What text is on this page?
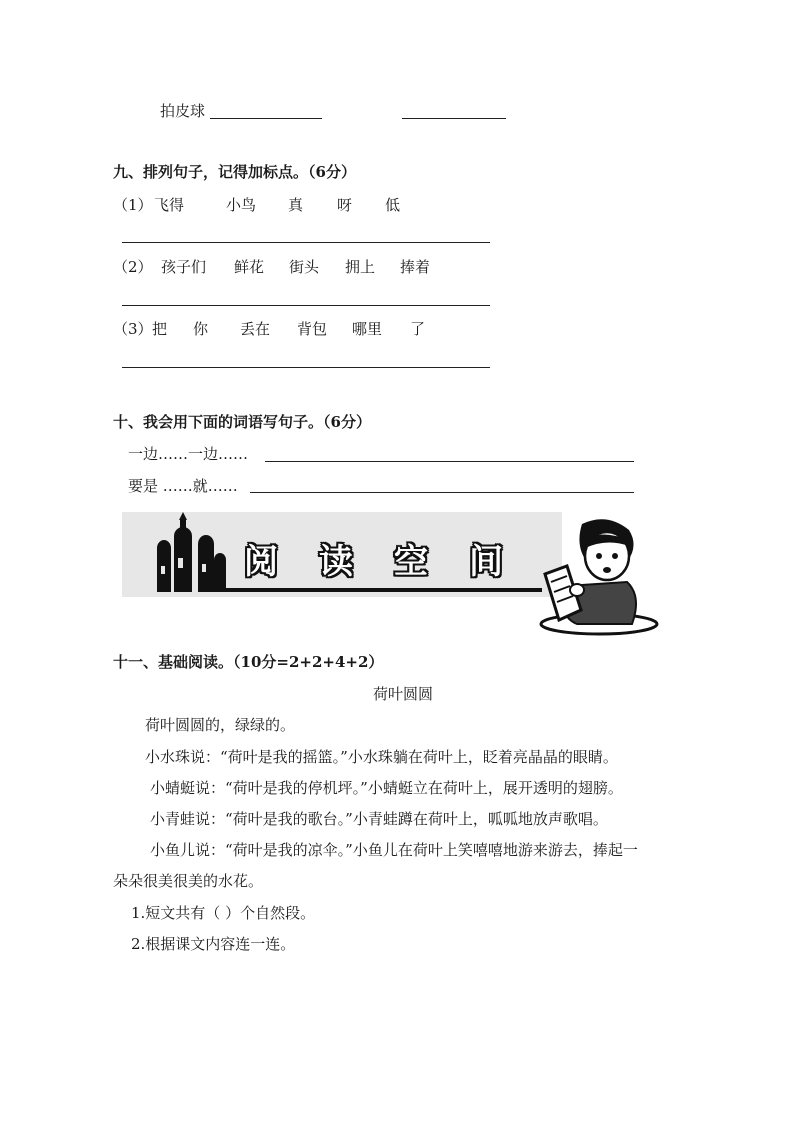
拍皮球
九、排列句子，记得加标点。（6分）
（1） 飞得	小鸟 真 呀 低
（2） 孩子们 鲜花 街头 拥上 捧着
（3） 把 你 丢在 背包 哪里 了
十、我会用下面的词语写句子。（6分）
一边……一边……
要是 ……就……
阅 读 空 间
十一、基础阅读。（10分=2+2+4+2）
荷叶圆圆
荷叶圆圆的，绿绿的。
小水珠说：“荷叶是我的摇篮。”小水珠躺在荷叶上，眨着亮晶晶的眼睛。
小蜻蜓说：“荷叶是我的停机坪。”小蜻蜓立在荷叶上，展开透明的翅膀。
小青蛙说：“荷叶是我的歌台。”小青蛙蹲在荷叶上，呱呱地放声歌唱。
小鱼儿说：“荷叶是我的凉伞。”小鱼儿在荷叶上笑嘻嘻地游来游去，捧起一
朵朵很美很美的水花。
1.短文共有（ ）个自然段。
2.根据课文内容连一连。
